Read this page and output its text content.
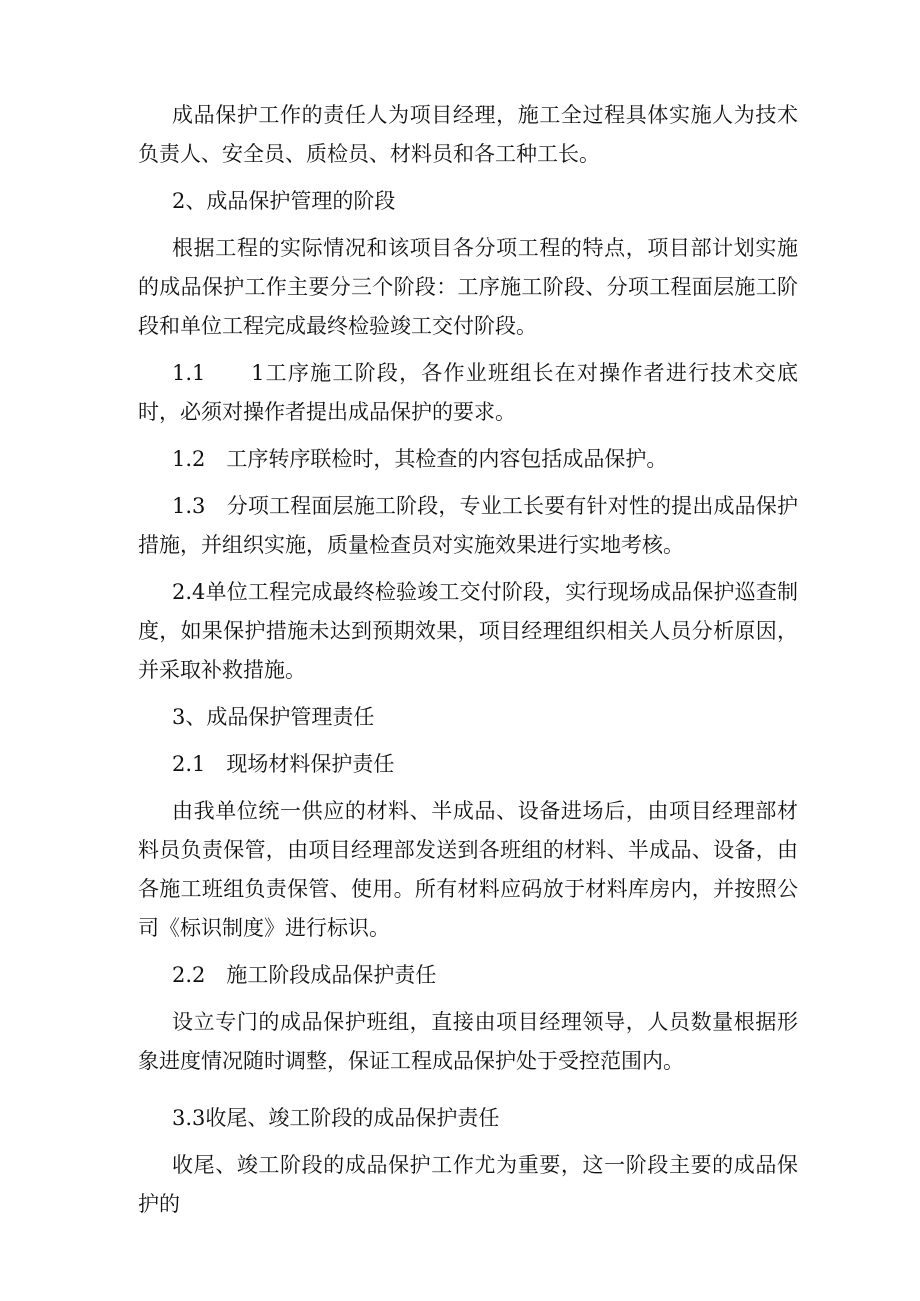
成品保护工作的责任人为项目经理，施工全过程具体实施人为技术负责人、安全员、质检员、材料员和各工种工长。

2、成品保护管理的阶段

根据工程的实际情况和该项目各分项工程的特点，项目部计划实施的成品保护工作主要分三个阶段：工序施工阶段、分项工程面层施工阶段和单位工程完成最终检验竣工交付阶段。

1.1　　1工序施工阶段，各作业班组长在对操作者进行技术交底时，必须对操作者提出成品保护的要求。

1.2　工序转序联检时，其检查的内容包括成品保护。

1.3　分项工程面层施工阶段，专业工长要有针对性的提出成品保护措施，并组织实施，质量检查员对实施效果进行实地考核。

2.4单位工程完成最终检验竣工交付阶段，实行现场成品保护巡查制度，如果保护措施未达到预期效果，项目经理组织相关人员分析原因，并采取补救措施。

3、成品保护管理责任

2.1　现场材料保护责任

由我单位统一供应的材料、半成品、设备进场后，由项目经理部材料员负责保管，由项目经理部发送到各班组的材料、半成品、设备，由各施工班组负责保管、使用。所有材料应码放于材料库房内，并按照公司《标识制度》进行标识。

2.2　施工阶段成品保护责任

设立专门的成品保护班组，直接由项目经理领导，人员数量根据形象进度情况随时调整，保证工程成品保护处于受控范围内。

3.3收尾、竣工阶段的成品保护责任

收尾、竣工阶段的成品保护工作尤为重要，这一阶段主要的成品保护的
